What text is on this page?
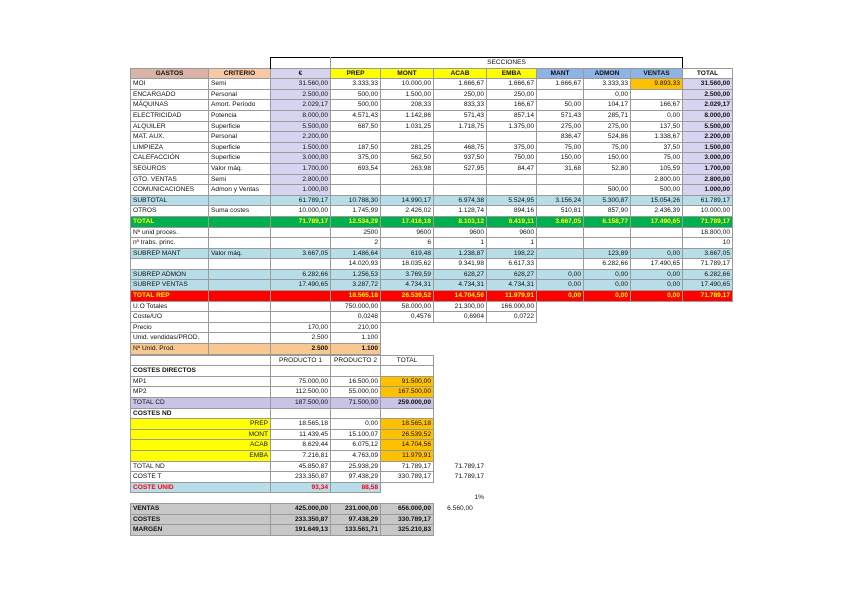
			SECCIONES							
GASTOS	CRITERIO	€	PREP	MONT	ACAB	EMBA	MANT	ADMON	VENTAS	TOTAL
MOI	Semi	31.560,00	3.333,33	10.000,00	1.666,67	1.666,67	1.666,67	3.333,33	9.893,33	31.560,00
ENCARGADO	Personal	2.500,00	500,00	1.500,00	250,00	250,00		0,00		2.500,00
MÁQUINAS	Amort. Período	2.029,17	500,00	208,33	833,33	166,67	50,00	104,17	166,67	2.029,17
ELECTRICIDAD	Potencia	8.000,00	4.571,43	1.142,86	571,43	857,14	571,43	285,71	0,00	8.000,00
ALQUILER	Superficie	5.500,00	687,50	1.031,25	1.718,75	1.375,00	275,00	275,00	137,50	5.500,00
MAT. AUX.	Personal	2.200,00					836,47	524,86	1.338,67	2.200,00
LIMPIEZA	Superficie	1.500,00	187,50	281,25	468,75	375,00	75,00	75,00	37,50	1.500,00
CALEFACCIÓN	Superficie	3.000,00	375,00	562,50	937,50	750,00	150,00	150,00	75,00	3.000,00
SEGUROS	Valor máq.	1.700,00	693,54	263,98	527,95	84,47	31,68	52,80	105,59	1.700,00
GTO. VENTAS	Semi	2.800,00							2.800,00	2.800,00
COMUNICACIONES	Admon y Ventas	1.000,00						500,00	500,00	1.000,00
SUBTOTAL		61.789,17	10.788,30	14.990,17	6.974,38	5.524,95	3.156,24	5.300,87	15.054,26	61.789,17
OTROS	Suma costes	10.000,00	1.745,99	2.426,02	1.128,74	894,16	510,81	857,90	2.436,39	10.000,00
TOTAL		71.789,17	12.534,29	17.416,18	8.103,12	6.419,11	3.667,05	6.158,77	17.490,65	71.789,17
Nº unid proces.			2500	9600	9600	9600				18.800,00
nº trabs. princ.			2	6	1	1				10
SUBREP MANT	Valor máq.	3.667,05	1.486,64	619,48	1.238,87	198,22		123,89	0,00	3.667,05
			14.020,93	18.035,62	9.341,98	6.617,33		6.282,66	17.490,65	71.789,17
SUBREP ADMON		6.282,66	1.256,53	3.769,59	628,27	628,27	0,00	0,00	0,00	6.282,66
SUBREP VENTAS		17.490,65	3.287,72	4.734,31	4.734,31	4.734,31	0,00	0,00	0,00	17.490,65
TOTAL REP			18.565,18	26.539,52	14.704,56	11.979,91	0,00	0,00	0,00	71.789,17
U.O Totales			750.000,00	58.000,00	21.300,00	166.000,00				
Coste/UO			0,0248	0,4576	0,6904	0,0722				
Precio		170,00	210,00							
Unid. vendidas/PROD.		2.500	1.100							
Nº Unid. Prod.		2.500	1.100							
	PRODUCTO 1	PRODUCTO 2	TOTAL	
COSTES DIRECTOS				
MP1	75.000,00	16.500,00	91.500,00	
MP2	112.500,00	55.000,00	167.500,00	
TOTAL CD	187.500,00	71.500,00	259.000,00	
COSTES ND				
PREP	18.565,18	0,00	18.565,18	
MONT	11.439,45	15.100,07	26.539,52	
ACAB	8.629,44	6.075,12	14.704,56	
EMBA	7.216,81	4.763,09	11.979,91	
TOTAL ND	45.850,87	25.938,29	71.789,17	71.789,17
COSTE T	233.350,87	97.438,29	330.789,17	71.789,17
COSTE UNID	93,34	88,58		
				1%
VENTAS	425.000,00	231.000,00	656.000,00	6.560,00
COSTES	233.350,87	97.438,29	330.789,17	
MARGEN	191.649,13	133.561,71	325.210,83	
